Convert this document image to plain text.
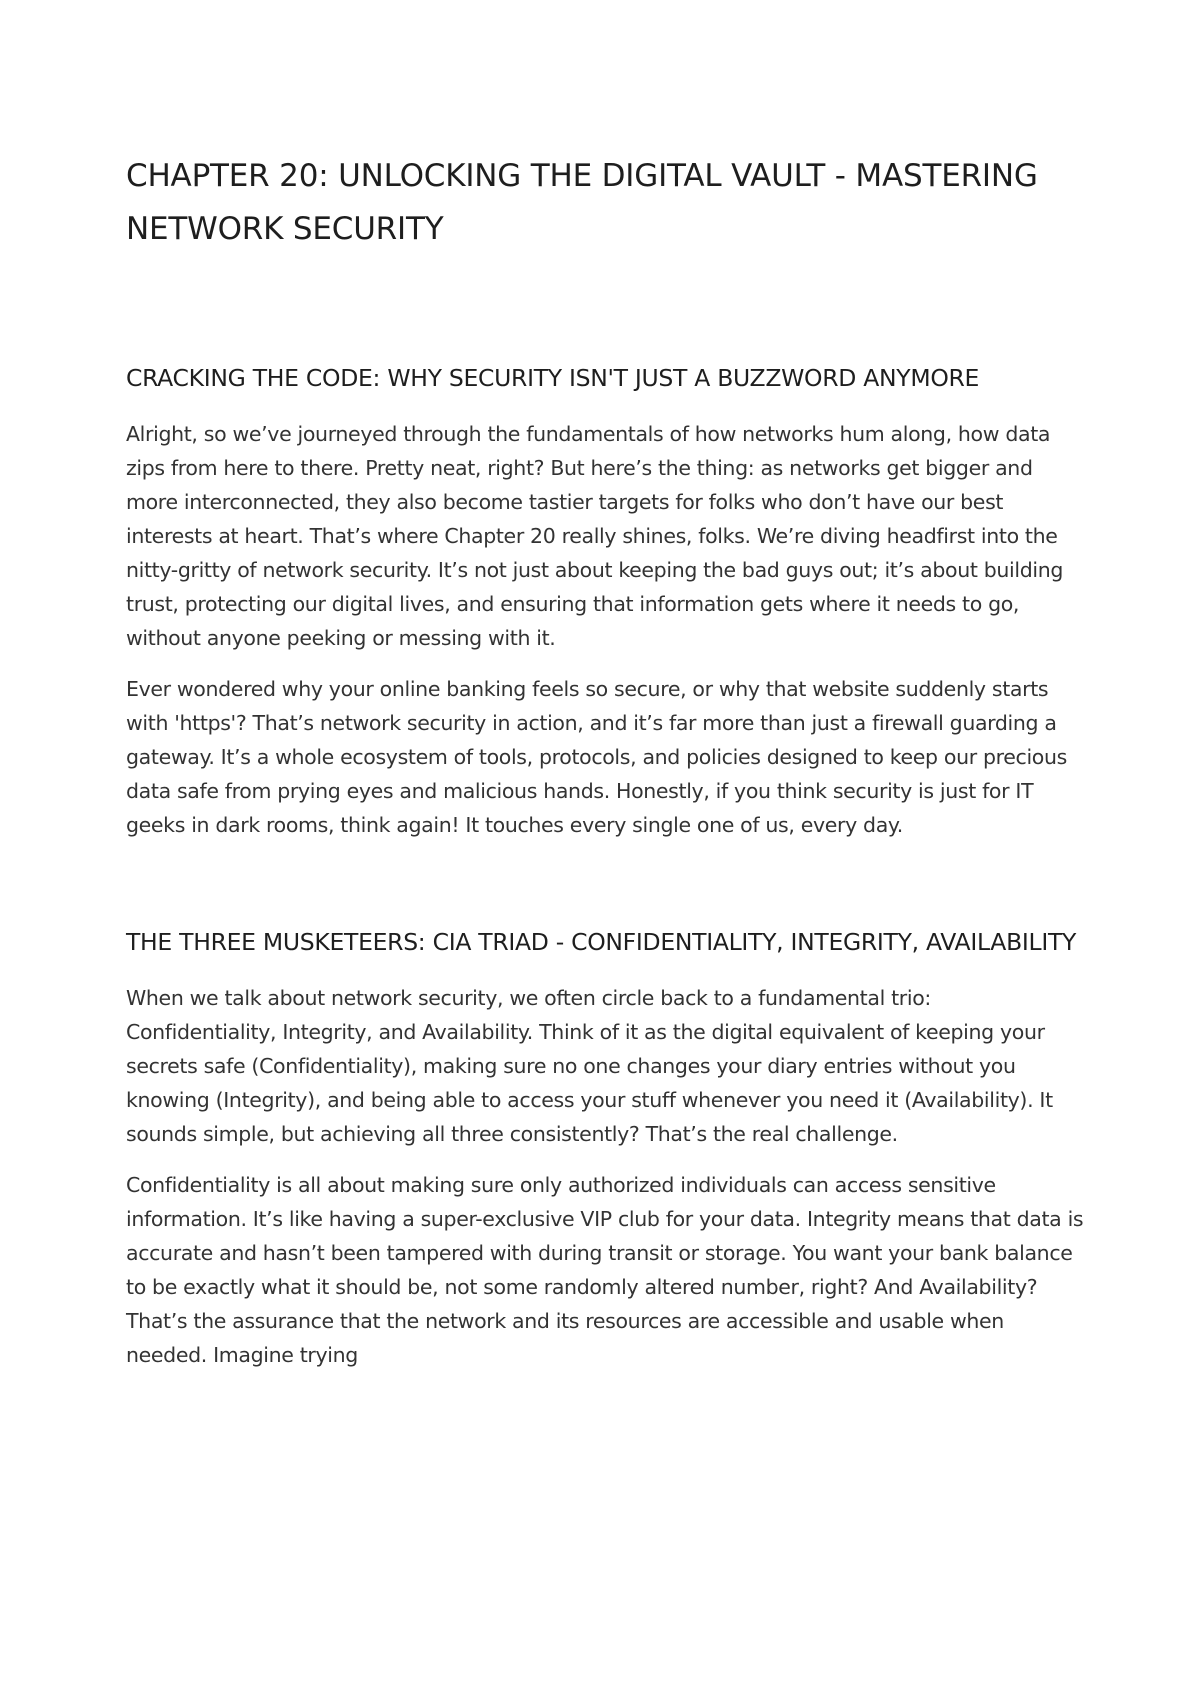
CHAPTER 20: UNLOCKING THE DIGITAL VAULT - MASTERING NETWORK SECURITY
CRACKING THE CODE: WHY SECURITY ISN'T JUST A BUZZWORD ANYMORE

Alright, so we’ve journeyed through the fundamentals of how networks hum along, how data zips from here to there. Pretty neat, right? But here’s the thing: as networks get bigger and more interconnected, they also become tastier targets for folks who don’t have our best interests at heart. That’s where Chapter 20 really shines, folks. We’re diving headfirst into the nitty-gritty of network security. It’s not just about keeping the bad guys out; it’s about building trust, protecting our digital lives, and ensuring that information gets where it needs to go, without anyone peeking or messing with it.

Ever wondered why your online banking feels so secure, or why that website suddenly starts with 'https'? That’s network security in action, and it’s far more than just a firewall guarding a gateway. It’s a whole ecosystem of tools, protocols, and policies designed to keep our precious data safe from prying eyes and malicious hands. Honestly, if you think security is just for IT geeks in dark rooms, think again! It touches every single one of us, every day.

THE THREE MUSKETEERS: CIA TRIAD - CONFIDENTIALITY, INTEGRITY, AVAILABILITY

When we talk about network security, we often circle back to a fundamental trio: Confidentiality, Integrity, and Availability. Think of it as the digital equivalent of keeping your secrets safe (Confidentiality), making sure no one changes your diary entries without you knowing (Integrity), and being able to access your stuff whenever you need it (Availability). It sounds simple, but achieving all three consistently? That’s the real challenge.

Confidentiality is all about making sure only authorized individuals can access sensitive information. It’s like having a super-exclusive VIP club for your data. Integrity means that data is accurate and hasn’t been tampered with during transit or storage. You want your bank balance to be exactly what it should be, not some randomly altered number, right? And Availability? That’s the assurance that the network and its resources are accessible and usable when needed. Imagine trying
